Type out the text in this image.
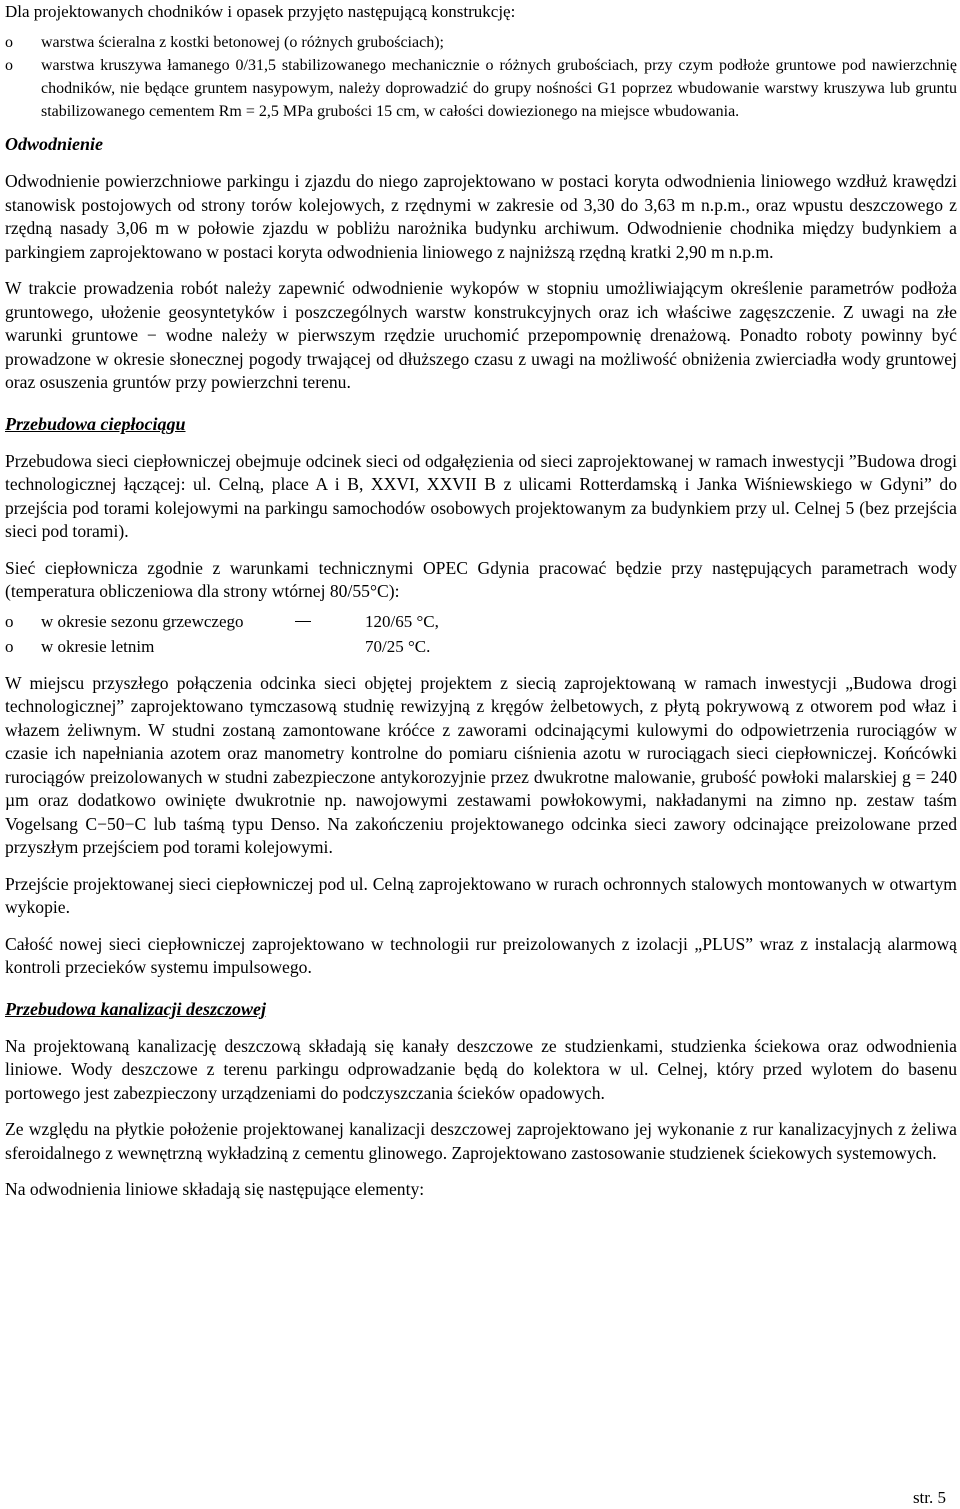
Dla projektowanych chodników i opasek przyjęto następującą konstrukcję:

o warstwa ścieralna z kostki betonowej (o różnych grubościach);
o warstwa kruszywa łamanego 0/31,5 stabilizowanego mechanicznie o różnych grubościach, przy czym podłoże gruntowe pod nawierzchnię chodników, nie będące gruntem nasypowym, należy doprowadzić do grupy nośności G1 poprzez wbudowanie warstwy kruszywa lub gruntu stabilizowanego cementem Rm = 2,5 MPa grubości 15 cm, w całości dowiezionego na miejsce wbudowania.
Odwodnienie

Odwodnienie powierzchniowe parkingu i zjazdu do niego zaprojektowano w postaci koryta odwodnienia liniowego wzdłuż krawędzi stanowisk postojowych od strony torów kolejowych, z rzędnymi w zakresie od 3,30 do 3,63 m n.p.m., oraz wpustu deszczowego z rzędną nasady 3,06 m w połowie zjazdu w pobliżu narożnika budynku archiwum. Odwodnienie chodnika między budynkiem a parkingiem zaprojektowano w postaci koryta odwodnienia liniowego z najniższą rzędną kratki 2,90 m n.p.m.

W trakcie prowadzenia robót należy zapewnić odwodnienie wykopów w stopniu umożliwiającym określenie parametrów podłoża gruntowego, ułożenie geosyntetyków i poszczególnych warstw konstrukcyjnych oraz ich właściwe zagęszczenie. Z uwagi na złe warunki gruntowe − wodne należy w pierwszym rzędzie uruchomić przepompownię drenażową. Ponadto roboty powinny być prowadzone w okresie słonecznej pogody trwającej od dłuższego czasu z uwagi na możliwość obniżenia zwierciadła wody gruntowej oraz osuszenia gruntów przy powierzchni terenu.

Przebudowa ciepłociągu

Przebudowa sieci ciepłowniczej obejmuje odcinek sieci od odgałęzienia od sieci zaprojektowanej w ramach inwestycji ”Budowa drogi technologicznej łączącej: ul. Celną, place A i B, XXVI, XXVII B z ulicami Rotterdamską i Janka Wiśniewskiego w Gdyni” do przejścia pod torami kolejowymi na parkingu samochodów osobowych projektowanym za budynkiem przy ul. Celnej 5 (bez przejścia sieci pod torami).

Sieć ciepłownicza zgodnie z warunkami technicznymi OPEC Gdynia pracować będzie przy następujących parametrach wody (temperatura obliczeniowa dla strony wtórnej 80/55°C):

o w okresie sezonu grzewczego	120/65 °C,
o w okresie letnim	70/25 °C.

W miejscu przyszłego połączenia odcinka sieci objętej projektem z siecią zaprojektowaną w ramach inwestycji „Budowa drogi technologicznej” zaprojektowano tymczasową studnię rewizyjną z kręgów żelbetowych, z płytą pokrywową z otworem pod właz i włazem żeliwnym. W studni zostaną zamontowane króćce z zaworami odcinającymi kulowymi do odpowietrzenia rurociągów w czasie ich napełniania azotem oraz manometry kontrolne do pomiaru ciśnienia azotu w rurociągach sieci ciepłowniczej. Końcówki rurociągów preizolowanych w studni zabezpieczone antykorozyjnie przez dwukrotne malowanie, grubość powłoki malarskiej g = 240 µm oraz dodatkowo owinięte dwukrotnie np. nawojowymi zestawami powłokowymi, nakładanymi na zimno np. zestaw taśm Vogelsang C−50−C lub taśmą typu Denso. Na zakończeniu projektowanego odcinka sieci zawory odcinające preizolowane przed przyszłym przejściem pod torami kolejowymi.

Przejście projektowanej sieci ciepłowniczej pod ul. Celną zaprojektowano w rurach ochronnych stalowych montowanych w otwartym wykopie.

Całość nowej sieci ciepłowniczej zaprojektowano w technologii rur preizolowanych z izolacji „PLUS” wraz z instalacją alarmową kontroli przecieków systemu impulsowego.

Przebudowa kanalizacji deszczowej

Na projektowaną kanalizację deszczową składają się kanały deszczowe ze studzienkami, studzienka ściekowa oraz odwodnienia liniowe. Wody deszczowe z terenu parkingu odprowadzanie będą do kolektora w ul. Celnej, który przed wylotem do basenu portowego jest zabezpieczony urządzeniami do podczyszczania ścieków opadowych.

Ze względu na płytkie położenie projektowanej kanalizacji deszczowej zaprojektowano jej wykonanie z rur kanalizacyjnych z żeliwa sferoidalnego z wewnętrzną wykładziną z cementu glinowego. Zaprojektowano zastosowanie studzienek ściekowych systemowych.

Na odwodnienia liniowe składają się następujące elementy:

str. 5
